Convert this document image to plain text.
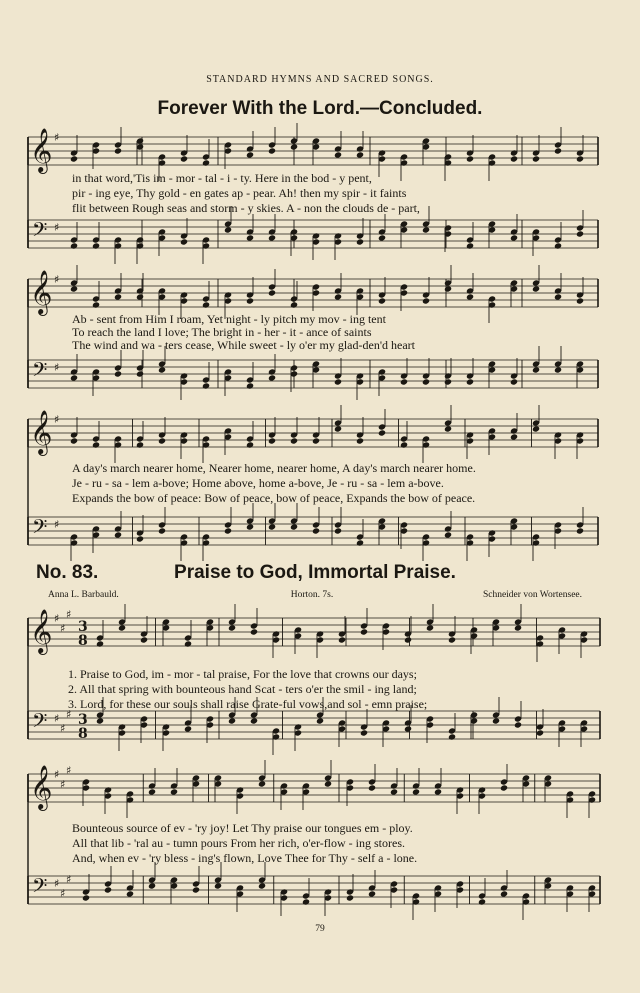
STANDARD HYMNS AND SACRED SONGS.
Forever With the Lord.—Concluded.
in that word,'Tis im - mor - tal - i - ty. Here in the bod - y pent,
pir - ing eye, Thy gold - en gates ap - pear. Ah! then my spir - it faints
flit between Rough seas and storm - y skies. A - non the clouds de - part,
Ab - sent from Him I roam, Yet night - ly pitch my mov - ing tent
To reach the land I love; The bright in - her - it - ance of saints
The wind and wa - ters cease, While sweet - ly o'er my glad-den'd heart
A day's march nearer home, Nearer home, nearer home, A day's march nearer home.
Je - ru - sa - lem a-bove; Home above, home a-bove, Je - ru - sa - lem a-bove.
Expands the bow of peace: Bow of peace, bow of peace, Expands the bow of peace.
No. 83.	Praise to God, Immortal Praise.
Anna L. Barbauld.	Horton. 7s.	Schneider von Wortensee.
1. Praise to God, im - mor - tal praise, For the love that crowns our days;
2. All that spring with bounteous hand Scat - ters o'er the smil - ing land;
3. Lord, for these our souls shall raise Grate-ful vows,and sol - emn praise;
Bounteous source of ev - 'ry joy! Let Thy praise our tongues em - ploy.
All that lib - 'ral au - tumn pours From her rich, o'er-flow - ing stores.
And, when ev - 'ry bless - ing's flown, Love Thee for Thy - self a - lone.
79
𝄞
𝄢
♯
♯
𝄞
𝄢
♯
♯
𝄞
𝄢
♯
♯
𝄞
𝄢
♯
♯
♯
♯
♯
♯
3
8
3
8
𝄞
𝄢
♯
♯
♯
♯
♯
♯
